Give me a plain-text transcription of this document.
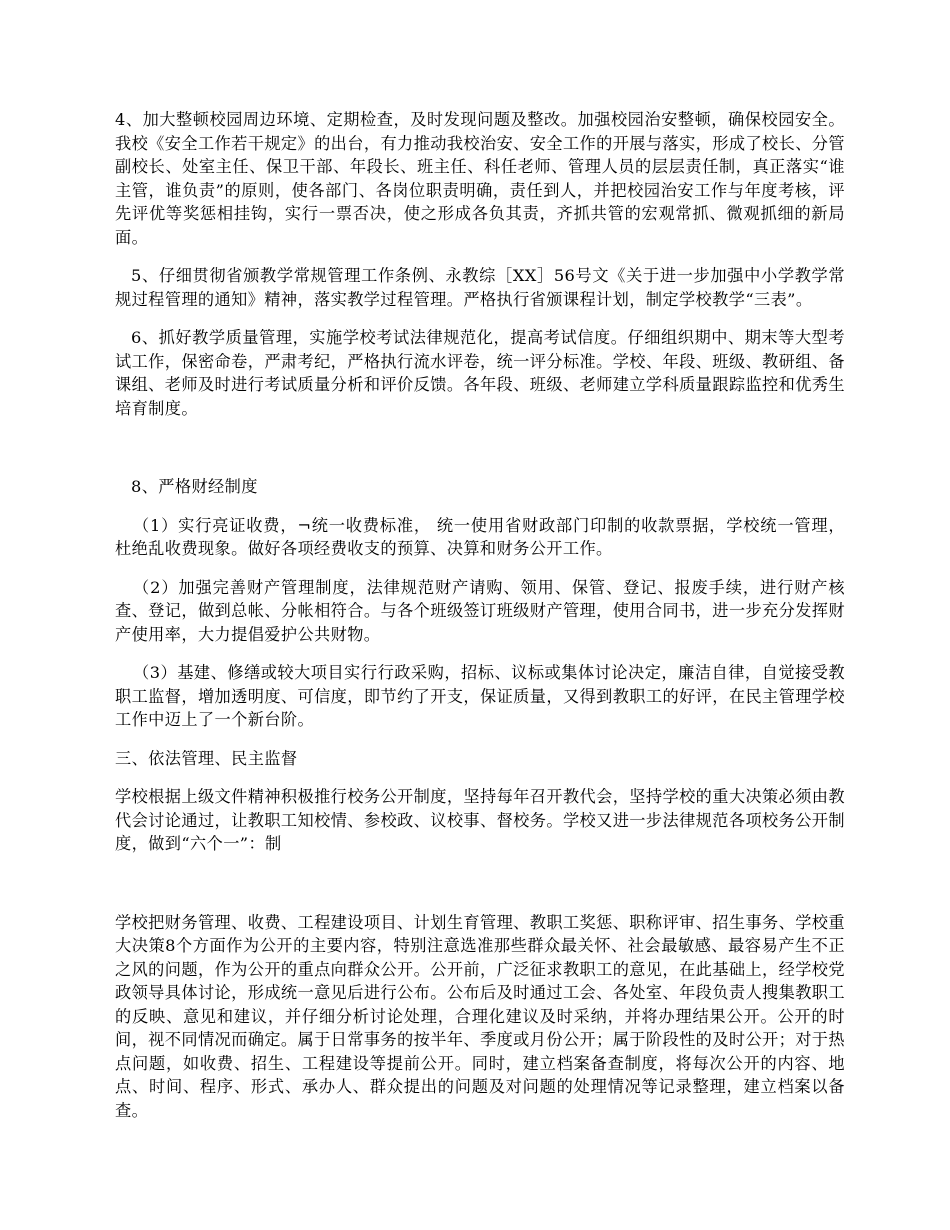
4、加大整顿校园周边环境、定期检查，及时发现问题及整改。加强校园治安整顿，确保校园安全。我校《安全工作若干规定》的出台，有力推动我校治安、安全工作的开展与落实，形成了校长、分管副校长、处室主任、保卫干部、年段长、班主任、科任老师、管理人员的层层责任制，真正落实“谁主管，谁负责”的原则，使各部门、各岗位职责明确，责任到人，并把校园治安工作与年度考核，评先评优等奖惩相挂钩，实行一票否决，使之形成各负其责，齐抓共管的宏观常抓、微观抓细的新局面。

5、仔细贯彻省颁教学常规管理工作条例、永教综［XX］56号文《关于进一步加强中小学教学常规过程管理的通知》精神，落实教学过程管理。严格执行省颁课程计划，制定学校教学“三表”。

6、抓好教学质量管理，实施学校考试法律规范化，提高考试信度。仔细组织期中、期末等大型考试工作，保密命卷，严肃考纪，严格执行流水评卷，统一评分标准。学校、年段、班级、教研组、备课组、老师及时进行考试质量分析和评价反馈。各年段、班级、老师建立学科质量跟踪监控和优秀生培育制度。

8、严格财经制度

（1）实行亮证收费，¬统一收费标准， 统一使用省财政部门印制的收款票据，学校统一管理， 杜绝乱收费现象。做好各项经费收支的预算、决算和财务公开工作。

（2）加强完善财产管理制度，法律规范财产请购、领用、保管、登记、报废手续，进行财产核查、登记，做到总帐、分帐相符合。与各个班级签订班级财产管理，使用合同书，进一步充分发挥财产使用率，大力提倡爱护公共财物。

（3）基建、修缮或较大项目实行行政采购，招标、议标或集体讨论决定，廉洁自律，自觉接受教职工监督，增加透明度、可信度，即节约了开支，保证质量，又得到教职工的好评，在民主管理学校工作中迈上了一个新台阶。

三、依法管理、民主监督

学校根据上级文件精神积极推行校务公开制度，坚持每年召开教代会，坚持学校的重大决策必须由教代会讨论通过，让教职工知校情、参校政、议校事、督校务。学校又进一步法律规范各项校务公开制度，做到“六个一”：制

学校把财务管理、收费、工程建设项目、计划生育管理、教职工奖惩、职称评审、招生事务、学校重大决策8个方面作为公开的主要内容，特别注意选准那些群众最关怀、社会最敏感、最容易产生不正之风的问题，作为公开的重点向群众公开。公开前，广泛征求教职工的意见，在此基础上，经学校党政领导具体讨论，形成统一意见后进行公布。公布后及时通过工会、各处室、年段负责人搜集教职工的反映、意见和建议，并仔细分析讨论处理，合理化建议及时采纳，并将办理结果公开。公开的时间，视不同情况而确定。属于日常事务的按半年、季度或月份公开；属于阶段性的及时公开；对于热点问题，如收费、招生、工程建设等提前公开。同时，建立档案备查制度，将每次公开的内容、地点、时间、程序、形式、承办人、群众提出的问题及对问题的处理情况等记录整理，建立档案以备查。
